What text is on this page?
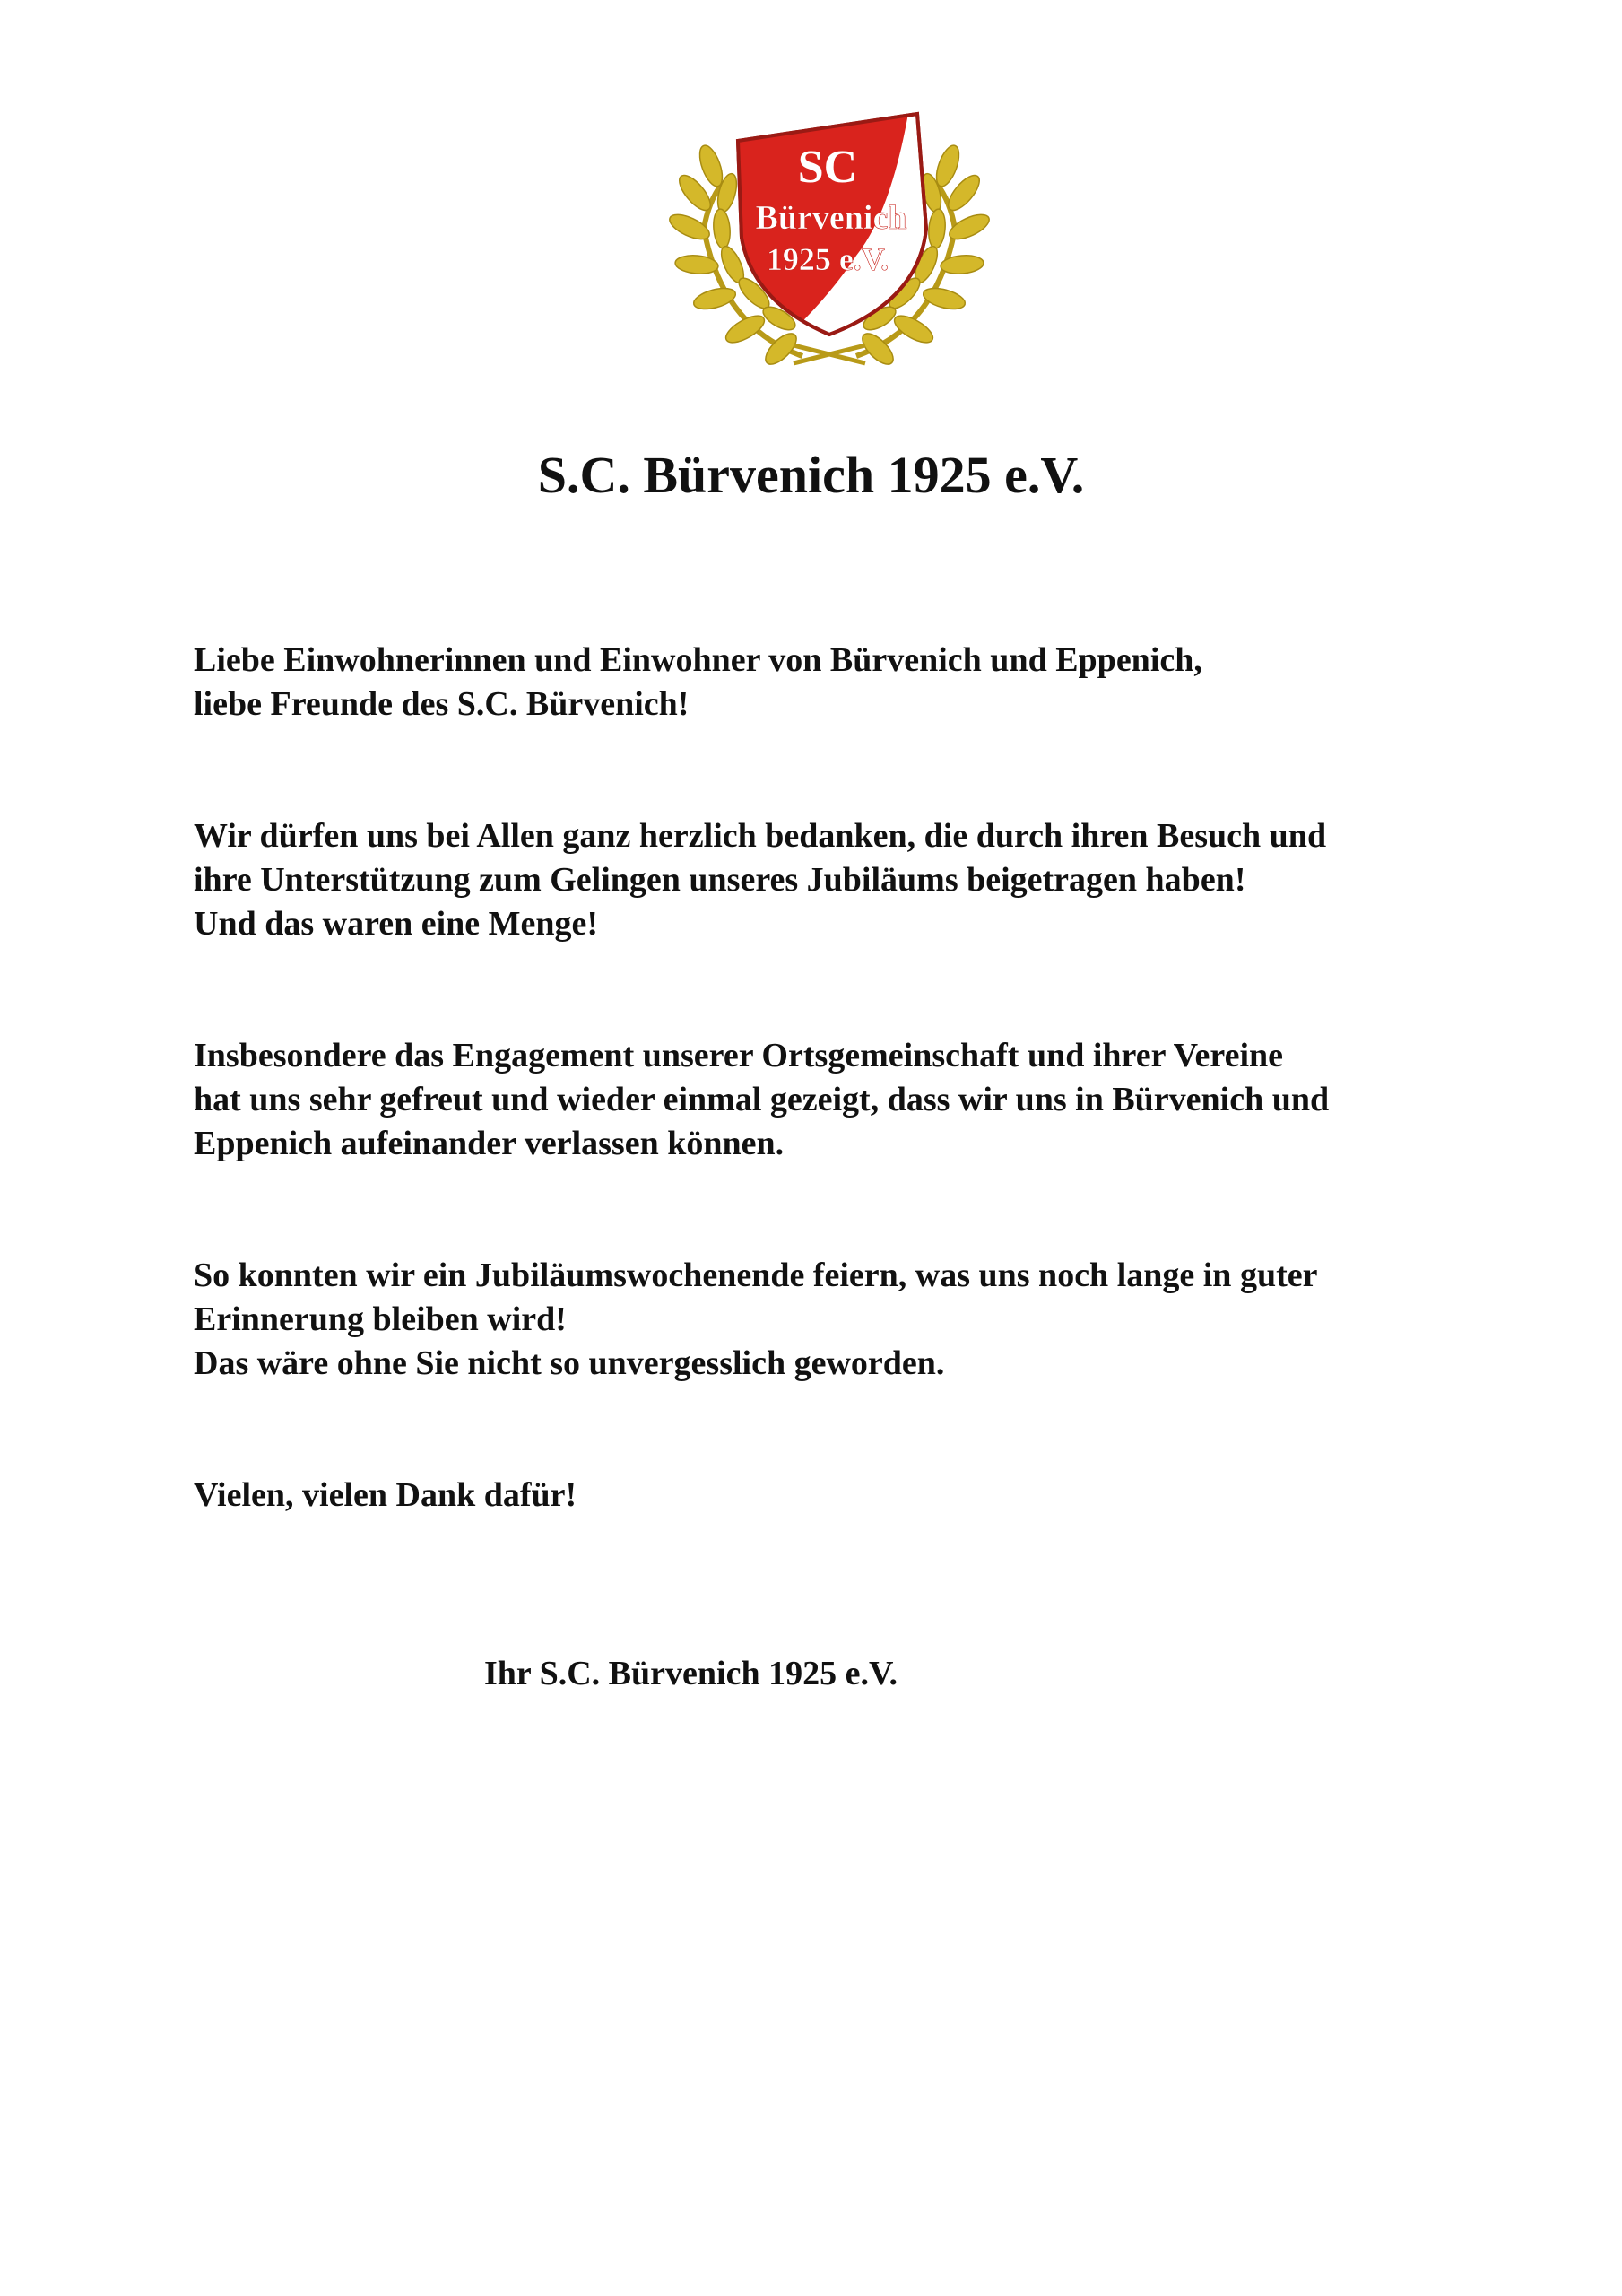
SC
Bürvenich
1925 e.V.
S.C. Bürvenich 1925 e.V.

Liebe Einwohnerinnen und Einwohner von Bürvenich und Eppenich,
liebe Freunde des S.C. Bürvenich!

Wir dürfen uns bei Allen ganz herzlich bedanken, die durch ihren Besuch und
ihre Unterstützung zum Gelingen unseres Jubiläums beigetragen haben!
Und das waren eine Menge!

Insbesondere das Engagement unserer Ortsgemeinschaft und ihrer Vereine
hat uns sehr gefreut und wieder einmal gezeigt, dass wir uns in Bürvenich und
Eppenich aufeinander verlassen können.

So konnten wir ein Jubiläumswochenende feiern, was uns noch lange in guter
Erinnerung bleiben wird!
Das wäre ohne Sie nicht so unvergesslich geworden.

Vielen, vielen Dank dafür!

Ihr S.C. Bürvenich 1925 e.V.
